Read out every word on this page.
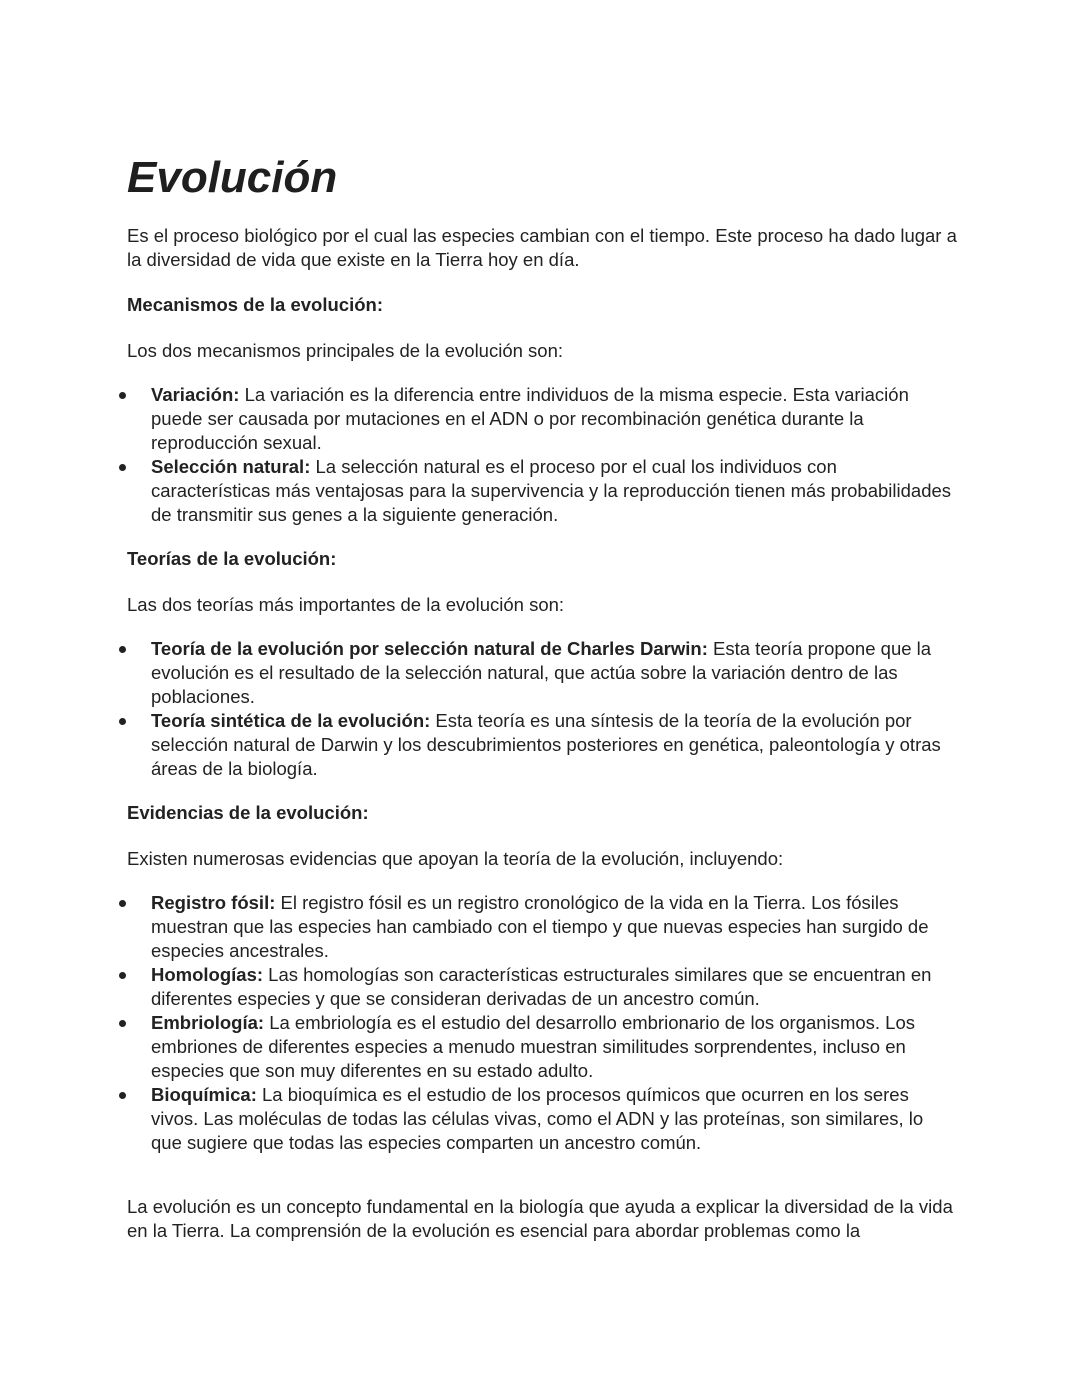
Evolución

Es el proceso biológico por el cual las especies cambian con el tiempo. Este proceso ha dado lugar a la diversidad de vida que existe en la Tierra hoy en día.

Mecanismos de la evolución:

Los dos mecanismos principales de la evolución son:

Variación: La variación es la diferencia entre individuos de la misma especie. Esta variación puede ser causada por mutaciones en el ADN o por recombinación genética durante la reproducción sexual.
Selección natural: La selección natural es el proceso por el cual los individuos con características más ventajosas para la supervivencia y la reproducción tienen más probabilidades de transmitir sus genes a la siguiente generación.

Teorías de la evolución:

Las dos teorías más importantes de la evolución son:

Teoría de la evolución por selección natural de Charles Darwin: Esta teoría propone que la evolución es el resultado de la selección natural, que actúa sobre la variación dentro de las poblaciones.
Teoría sintética de la evolución: Esta teoría es una síntesis de la teoría de la evolución por selección natural de Darwin y los descubrimientos posteriores en genética, paleontología y otras áreas de la biología.

Evidencias de la evolución:

Existen numerosas evidencias que apoyan la teoría de la evolución, incluyendo:

Registro fósil: El registro fósil es un registro cronológico de la vida en la Tierra. Los fósiles muestran que las especies han cambiado con el tiempo y que nuevas especies han surgido de especies ancestrales.
Homologías: Las homologías son características estructurales similares que se encuentran en diferentes especies y que se consideran derivadas de un ancestro común.
Embriología: La embriología es el estudio del desarrollo embrionario de los organismos. Los embriones de diferentes especies a menudo muestran similitudes sorprendentes, incluso en especies que son muy diferentes en su estado adulto.
Bioquímica: La bioquímica es el estudio de los procesos químicos que ocurren en los seres vivos. Las moléculas de todas las células vivas, como el ADN y las proteínas, son similares, lo que sugiere que todas las especies comparten un ancestro común.

La evolución es un concepto fundamental en la biología que ayuda a explicar la diversidad de la vida en la Tierra. La comprensión de la evolución es esencial para abordar problemas como la
